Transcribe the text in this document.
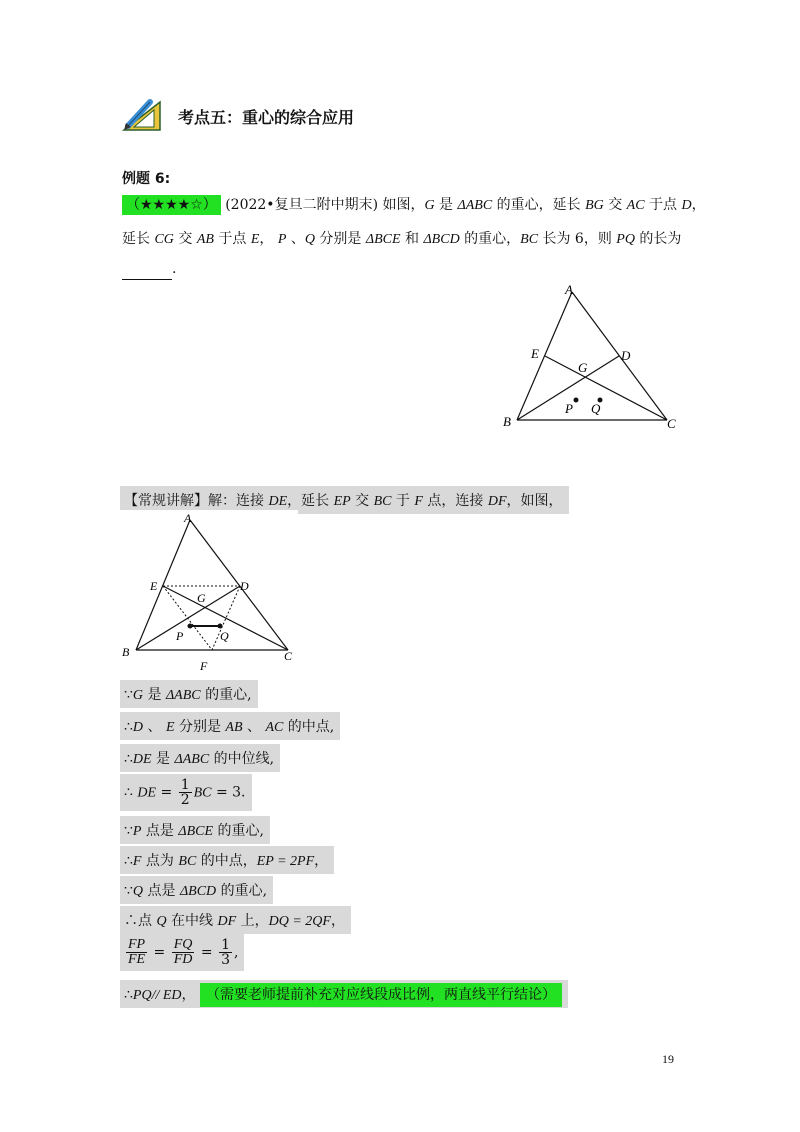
考点五：重心的综合应用
例题 6:
（★★★★☆） (2022•复旦二附中期末) 如图，G 是 ΔABC 的重心，延长 BG 交 AC 于点 D，
延长 CG 交 AB 于点 E， P 、Q 分别是 ΔBCE 和 ΔBCD 的重心，BC 长为 6，则 PQ 的长为
.
A
B	C
D
E
G
P Q
【常规讲解】解：连接 DE，延长 EP 交 BC 于 F 点，连接 DF，如图，
A
B	C
D
E
F
G
P	Q
∵G 是 ΔABC 的重心,
∴D 、 E 分别是 AB 、 AC 的中点,
∴DE 是 ΔABC 的中位线,
∴ DE = $\frac{1}{2}$ BC = 3.
∵P 点是 ΔBCE 的重心,
∴F 点为 BC 的中点，EP = 2PF，
∵Q 点是 ΔBCD 的重心,
∴点 Q 在中线 DF 上，DQ = 2QF，
$\frac{FP}{FE} = \frac{FQ}{FD} = \frac{1}{3}$ ,
∴PQ// ED， （需要老师提前补充对应线段成比例，两直线平行结论）
19
